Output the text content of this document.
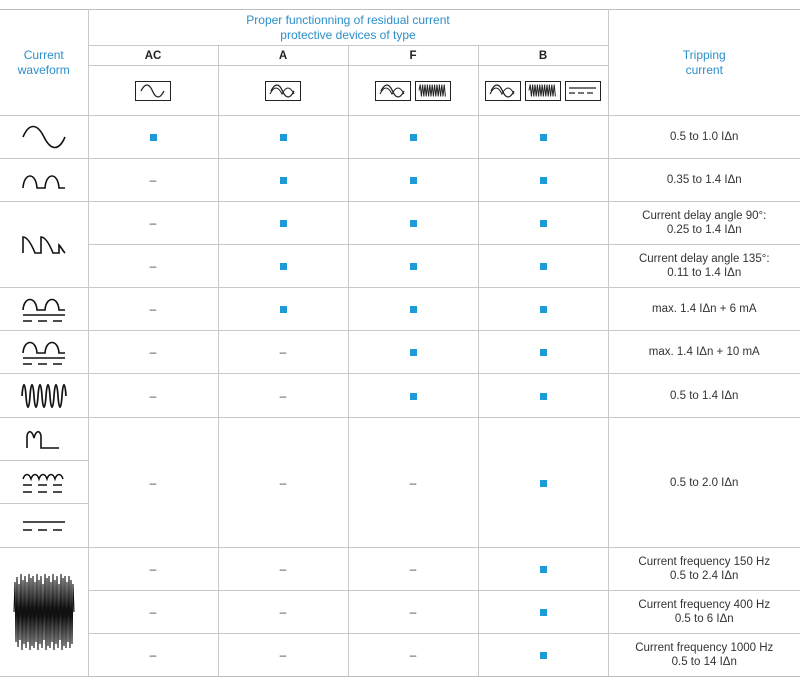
Current waveform	Proper functionning of residual current protective devices of type				Tripping current

	AC	A	F	B	

					0.5 to 1.0 IΔn

	–				0.35 to 1.4 IΔn

	–				Current delay angle 90°:
0.25 to 1.4 IΔn

	–				Current delay angle 135°:
0.11 to 1.4 IΔn

	–				max. 1.4 IΔn + 6 mA

	–	–			max. 1.4 IΔn + 10 mA

	–	–			0.5 to 1.4 IΔn

	–	–	–		0.5 to 2.0 IΔn

	–	–	–		Current frequency 150 Hz
0.5 to 2.4 IΔn

	–	–	–		Current frequency 400 Hz
0.5 to 6 IΔn

	–	–	–		Current frequency 1000 Hz
0.5 to 14 IΔn
